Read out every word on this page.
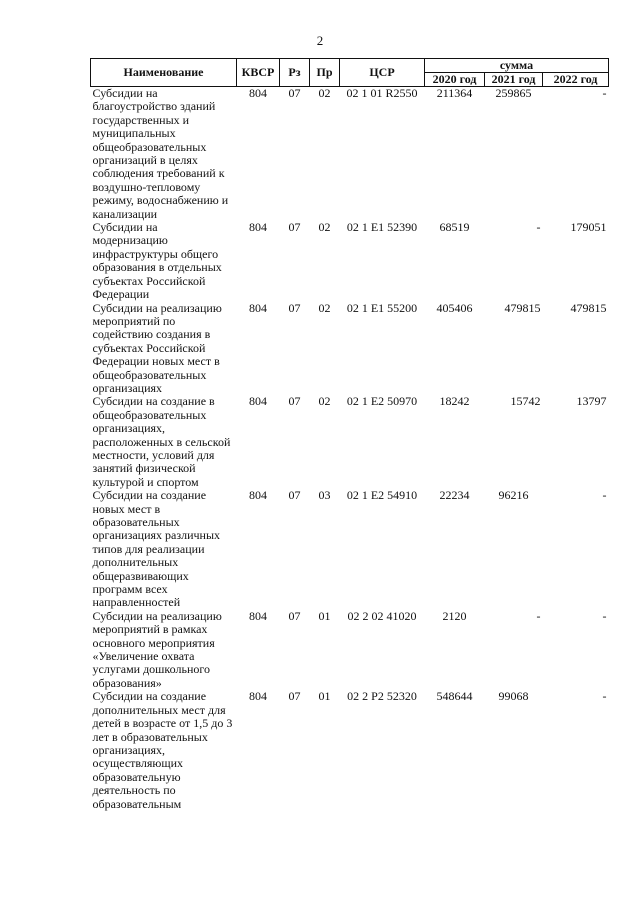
2
Наименование	КВСР	Рз	Пр	ЦСР	сумма		
					2020 год	2021 год	2022 год
Субсидии на благоустройство зданий государственных и муниципальных общеобразовательных организаций в целях соблюдения требований к воздушно-тепловому режиму, водоснабжению и канализации	804	07	02	02 1 01 R2550	211364	259865	-
Субсидии на модернизацию инфраструктуры общего образования в отдельных субъектах Российской Федерации	804	07	02	02 1 E1 52390	68519	-	179051
Субсидии на реализацию мероприятий по содействию создания в субъектах Российской Федерации новых мест в общеобразовательных организациях	804	07	02	02 1 E1 55200	405406	479815	479815
Субсидии на создание в общеобразовательных организациях, расположенных в сельской местности, условий для занятий физической культурой и спортом	804	07	02	02 1 E2 50970	18242	15742	13797
Субсидии на создание новых мест в образовательных организациях различных типов для реализации дополнительных общеразвивающих программ всех направленностей	804	07	03	02 1 E2 54910	22234	96216	-
Субсидии на реализацию мероприятий в рамках основного мероприятия «Увеличение охвата услугами дошкольного образования»	804	07	01	02 2 02 41020	2120	-	-
Субсидии на создание дополнительных мест для детей в возрасте от 1,5 до 3 лет в образовательных организациях, осуществляющих образовательную деятельность по образовательным	804	07	01	02 2 P2 52320	548644	99068	-
